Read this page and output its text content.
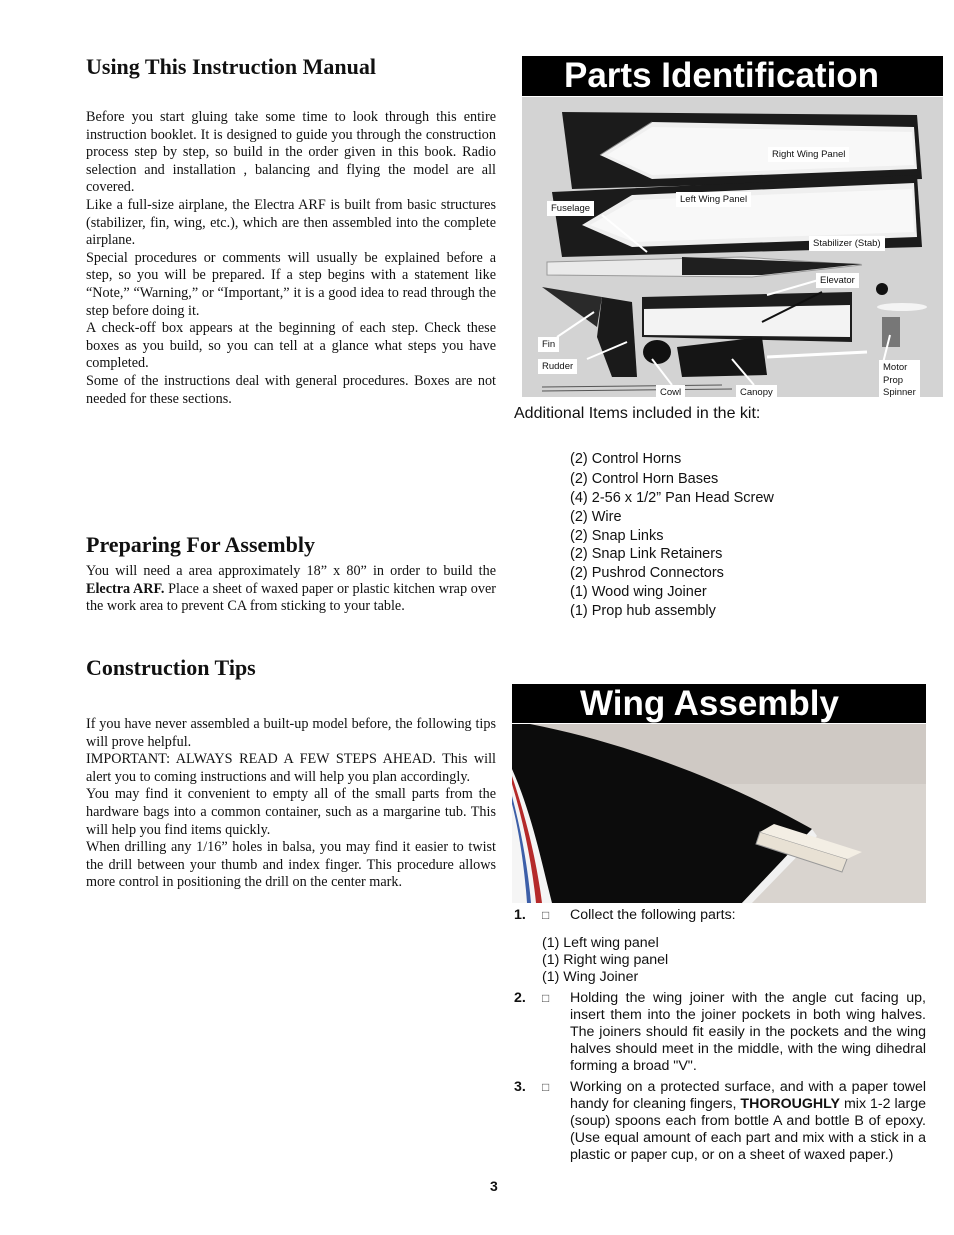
Using This Instruction Manual

Before you start gluing take some time to look through this entire instruction booklet. It is designed to guide you through the construction process step by step, so build in the order given in this book. Radio selection and installation , balancing and flying the model are all covered.

Like a full-size airplane, the Electra ARF is built from basic structures (stabilizer, fin, wing, etc.), which are then assembled into the complete airplane.

Special procedures or comments will usually be explained before a step, so you will be prepared. If a step begins with a statement like “Note,” “Warning,” or “Important,” it is a good idea to read through the step before doing it.

A check-off box appears at the beginning of each step. Check these boxes as you build, so you can tell at a glance what steps you have completed.

Some of the instructions deal with general procedures. Boxes are not needed for these sections.

Preparing For Assembly

You will need a area approximately 18” x 80” in order to build the Electra ARF. Place a sheet of waxed paper or plastic kitchen wrap over the work area to prevent CA from sticking to your table.

Construction Tips

If you have never assembled a built-up model before, the following tips will prove helpful.

IMPORTANT: ALWAYS READ A FEW STEPS AHEAD. This will alert you to coming instructions and will help you plan accordingly.

You may find it convenient to empty all of the small parts from the hardware bags into a common container, such as a margarine tub. This will help you find items quickly.

When drilling any 1/16” holes in balsa, you may find it easier to twist the drill between your thumb and index finger. This procedure allows more control in positioning the drill on the center mark.

Parts Identification
Right Wing Panel
Left Wing Panel
Fuselage
Stabilizer (Stab)
Elevator
Fin
Rudder
Cowl	Canopy
Motor
Prop
Spinner
Additional Items included in the kit:
(2) Control Horns
(2) Control Horn Bases
(4) 2-56 x 1/2” Pan Head Screw
(2) Wire
(2) Snap Links
(2) Snap Link Retainers
(2) Pushrod Connectors
(1) Wood wing Joiner
(1) Prop hub assembly
Wing Assembly
1. □ Collect the following parts:
(1) Left wing panel
(1) Right wing panel
(1) Wing Joiner
2. □ Holding the wing joiner with the angle cut facing up, insert them into the joiner pockets in both wing halves. The joiners should fit easily in the pockets and the wing halves should meet in the middle, with the wing dihedral forming a broad "V".
3. □ Working on a protected surface, and with a paper towel handy for cleaning fingers, THOROUGHLY mix 1-2 large (soup) spoons each from bottle A and bottle B of epoxy. (Use equal amount of each part and mix with a stick in a plastic or paper cup, or on a sheet of waxed paper.)
3
